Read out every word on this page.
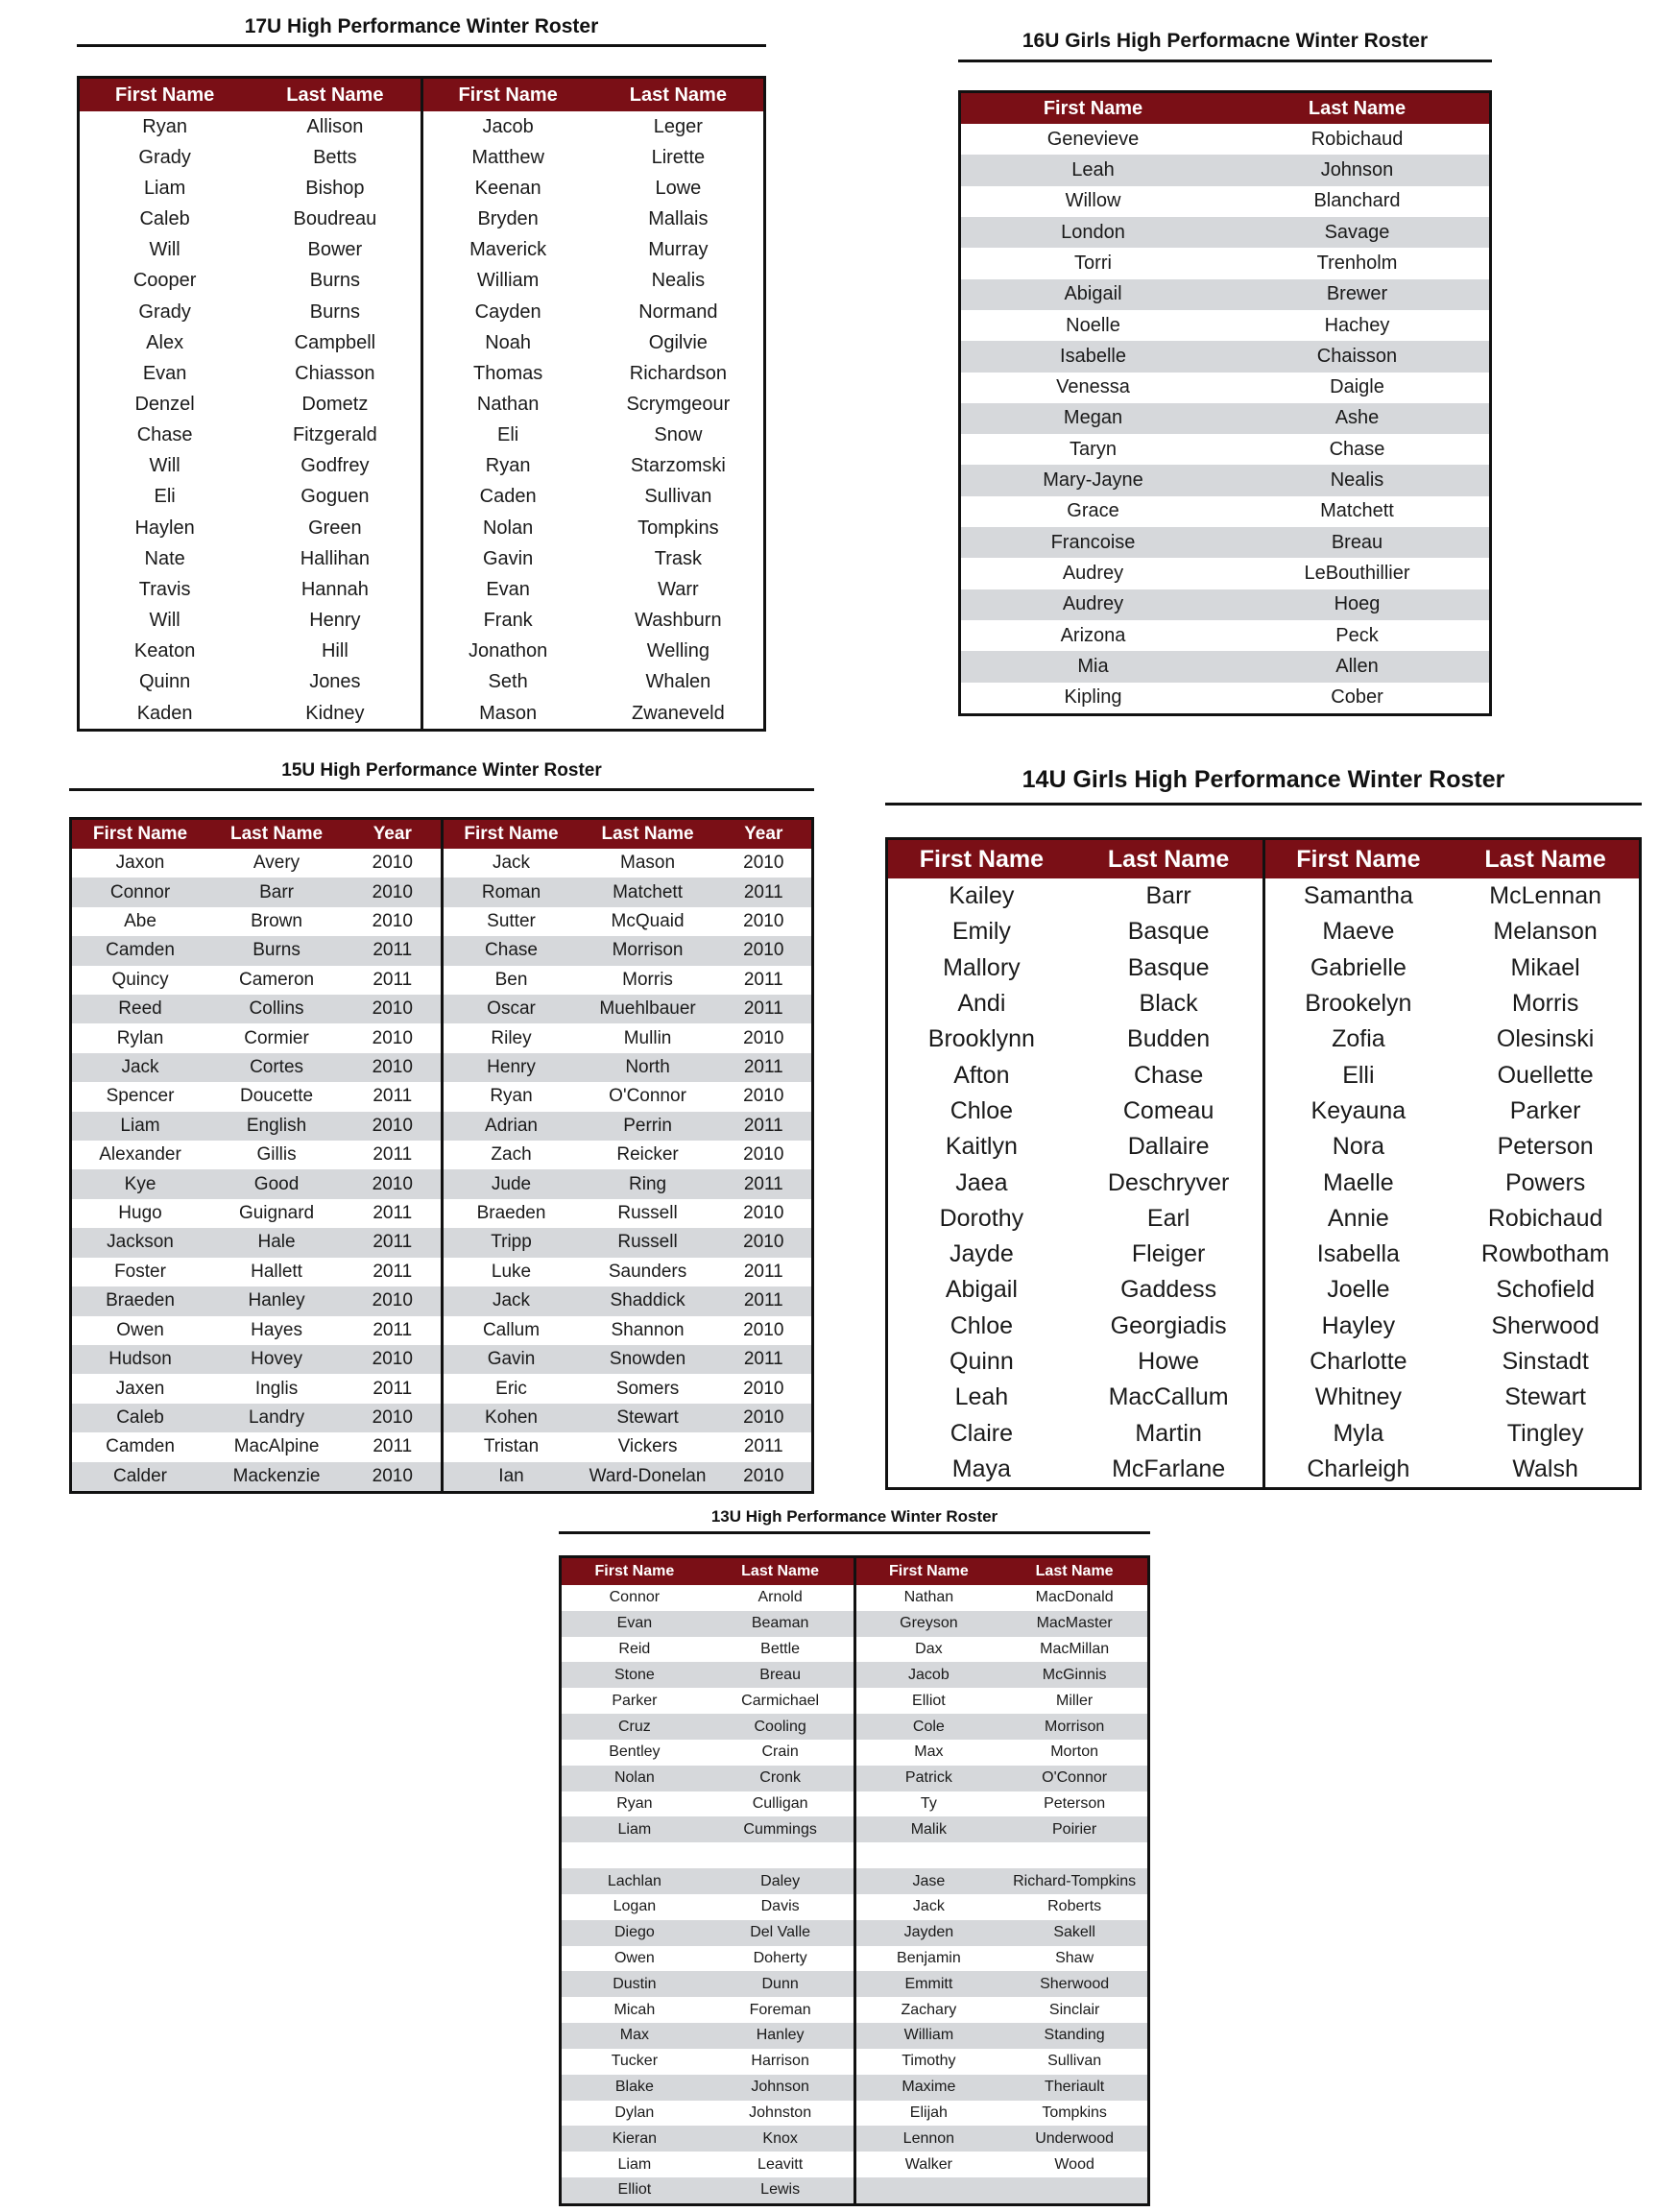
17U High Performance Winter Roster
First Name	Last Name
Ryan	Allison
Grady	Betts
Liam	Bishop
Caleb	Boudreau
Will	Bower
Cooper	Burns
Grady	Burns
Alex	Campbell
Evan	Chiasson
Denzel	Dometz
Chase	Fitzgerald
Will	Godfrey
Eli	Goguen
Haylen	Green
Nate	Hallihan
Travis	Hannah
Will	Henry
Keaton	Hill
Quinn	Jones
Kaden	Kidney
First Name	Last Name
Jacob	Leger
Matthew	Lirette
Keenan	Lowe
Bryden	Mallais
Maverick	Murray
William	Nealis
Cayden	Normand
Noah	Ogilvie
Thomas	Richardson
Nathan	Scrymgeour
Eli	Snow
Ryan	Starzomski
Caden	Sullivan
Nolan	Tompkins
Gavin	Trask
Evan	Warr
Frank	Washburn
Jonathon	Welling
Seth	Whalen
Mason	Zwaneveld
16U Girls High Performacne Winter Roster
First Name	Last Name
Genevieve	Robichaud
Leah	Johnson
Willow	Blanchard
London	Savage
Torri	Trenholm
Abigail	Brewer
Noelle	Hachey
Isabelle	Chaisson
Venessa	Daigle
Megan	Ashe
Taryn	Chase
Mary-Jayne	Nealis
Grace	Matchett
Francoise	Breau
Audrey	LeBouthillier
Audrey	Hoeg
Arizona	Peck
Mia	Allen
Kipling	Cober
15U High Performance Winter Roster
First Name	Last Name	Year
Jaxon	Avery	2010
Connor	Barr	2010
Abe	Brown	2010
Camden	Burns	2011
Quincy	Cameron	2011
Reed	Collins	2010
Rylan	Cormier	2010
Jack	Cortes	2010
Spencer	Doucette	2011
Liam	English	2010
Alexander	Gillis	2011
Kye	Good	2010
Hugo	Guignard	2011
Jackson	Hale	2011
Foster	Hallett	2011
Braeden	Hanley	2010
Owen	Hayes	2011
Hudson	Hovey	2010
Jaxen	Inglis	2011
Caleb	Landry	2010
Camden	MacAlpine	2011
Calder	Mackenzie	2010
First Name	Last Name	Year
Jack	Mason	2010
Roman	Matchett	2011
Sutter	McQuaid	2010
Chase	Morrison	2010
Ben	Morris	2011
Oscar	Muehlbauer	2011
Riley	Mullin	2010
Henry	North	2011
Ryan	O'Connor	2010
Adrian	Perrin	2011
Zach	Reicker	2010
Jude	Ring	2011
Braeden	Russell	2010
Tripp	Russell	2010
Luke	Saunders	2011
Jack	Shaddick	2011
Callum	Shannon	2010
Gavin	Snowden	2011
Eric	Somers	2010
Kohen	Stewart	2010
Tristan	Vickers	2011
Ian	Ward-Donelan	2010
14U Girls High Performance Winter Roster
First Name	Last Name
Kailey	Barr
Emily	Basque
Mallory	Basque
Andi	Black
Brooklynn	Budden
Afton	Chase
Chloe	Comeau
Kaitlyn	Dallaire
Jaea	Deschryver
Dorothy	Earl
Jayde	Fleiger
Abigail	Gaddess
Chloe	Georgiadis
Quinn	Howe
Leah	MacCallum
Claire	Martin
Maya	McFarlane
First Name	Last Name
Samantha	McLennan
Maeve	Melanson
Gabrielle	Mikael
Brookelyn	Morris
Zofia	Olesinski
Elli	Ouellette
Keyauna	Parker
Nora	Peterson
Maelle	Powers
Annie	Robichaud
Isabella	Rowbotham
Joelle	Schofield
Hayley	Sherwood
Charlotte	Sinstadt
Whitney	Stewart
Myla	Tingley
Charleigh	Walsh
13U High Performance Winter Roster
First Name	Last Name
Connor	Arnold
Evan	Beaman
Reid	Bettle
Stone	Breau
Parker	Carmichael
Cruz	Cooling
Bentley	Crain
Nolan	Cronk
Ryan	Culligan
Liam	Cummings
Lachlan	Daley
Logan	Davis
Diego	Del Valle
Owen	Doherty
Dustin	Dunn
Micah	Foreman
Max	Hanley
Tucker	Harrison
Blake	Johnson
Dylan	Johnston
Kieran	Knox
Liam	Leavitt
Elliot	Lewis
First Name	Last Name
Nathan	MacDonald
Greyson	MacMaster
Dax	MacMillan
Jacob	McGinnis
Elliot	Miller
Cole	Morrison
Max	Morton
Patrick	O'Connor
Ty	Peterson
Malik	Poirier
Jase	Richard-Tompkins
Jack	Roberts
Jayden	Sakell
Benjamin	Shaw
Emmitt	Sherwood
Zachary	Sinclair
William	Standing
Timothy	Sullivan
Maxime	Theriault
Elijah	Tompkins
Lennon	Underwood
Walker	Wood
